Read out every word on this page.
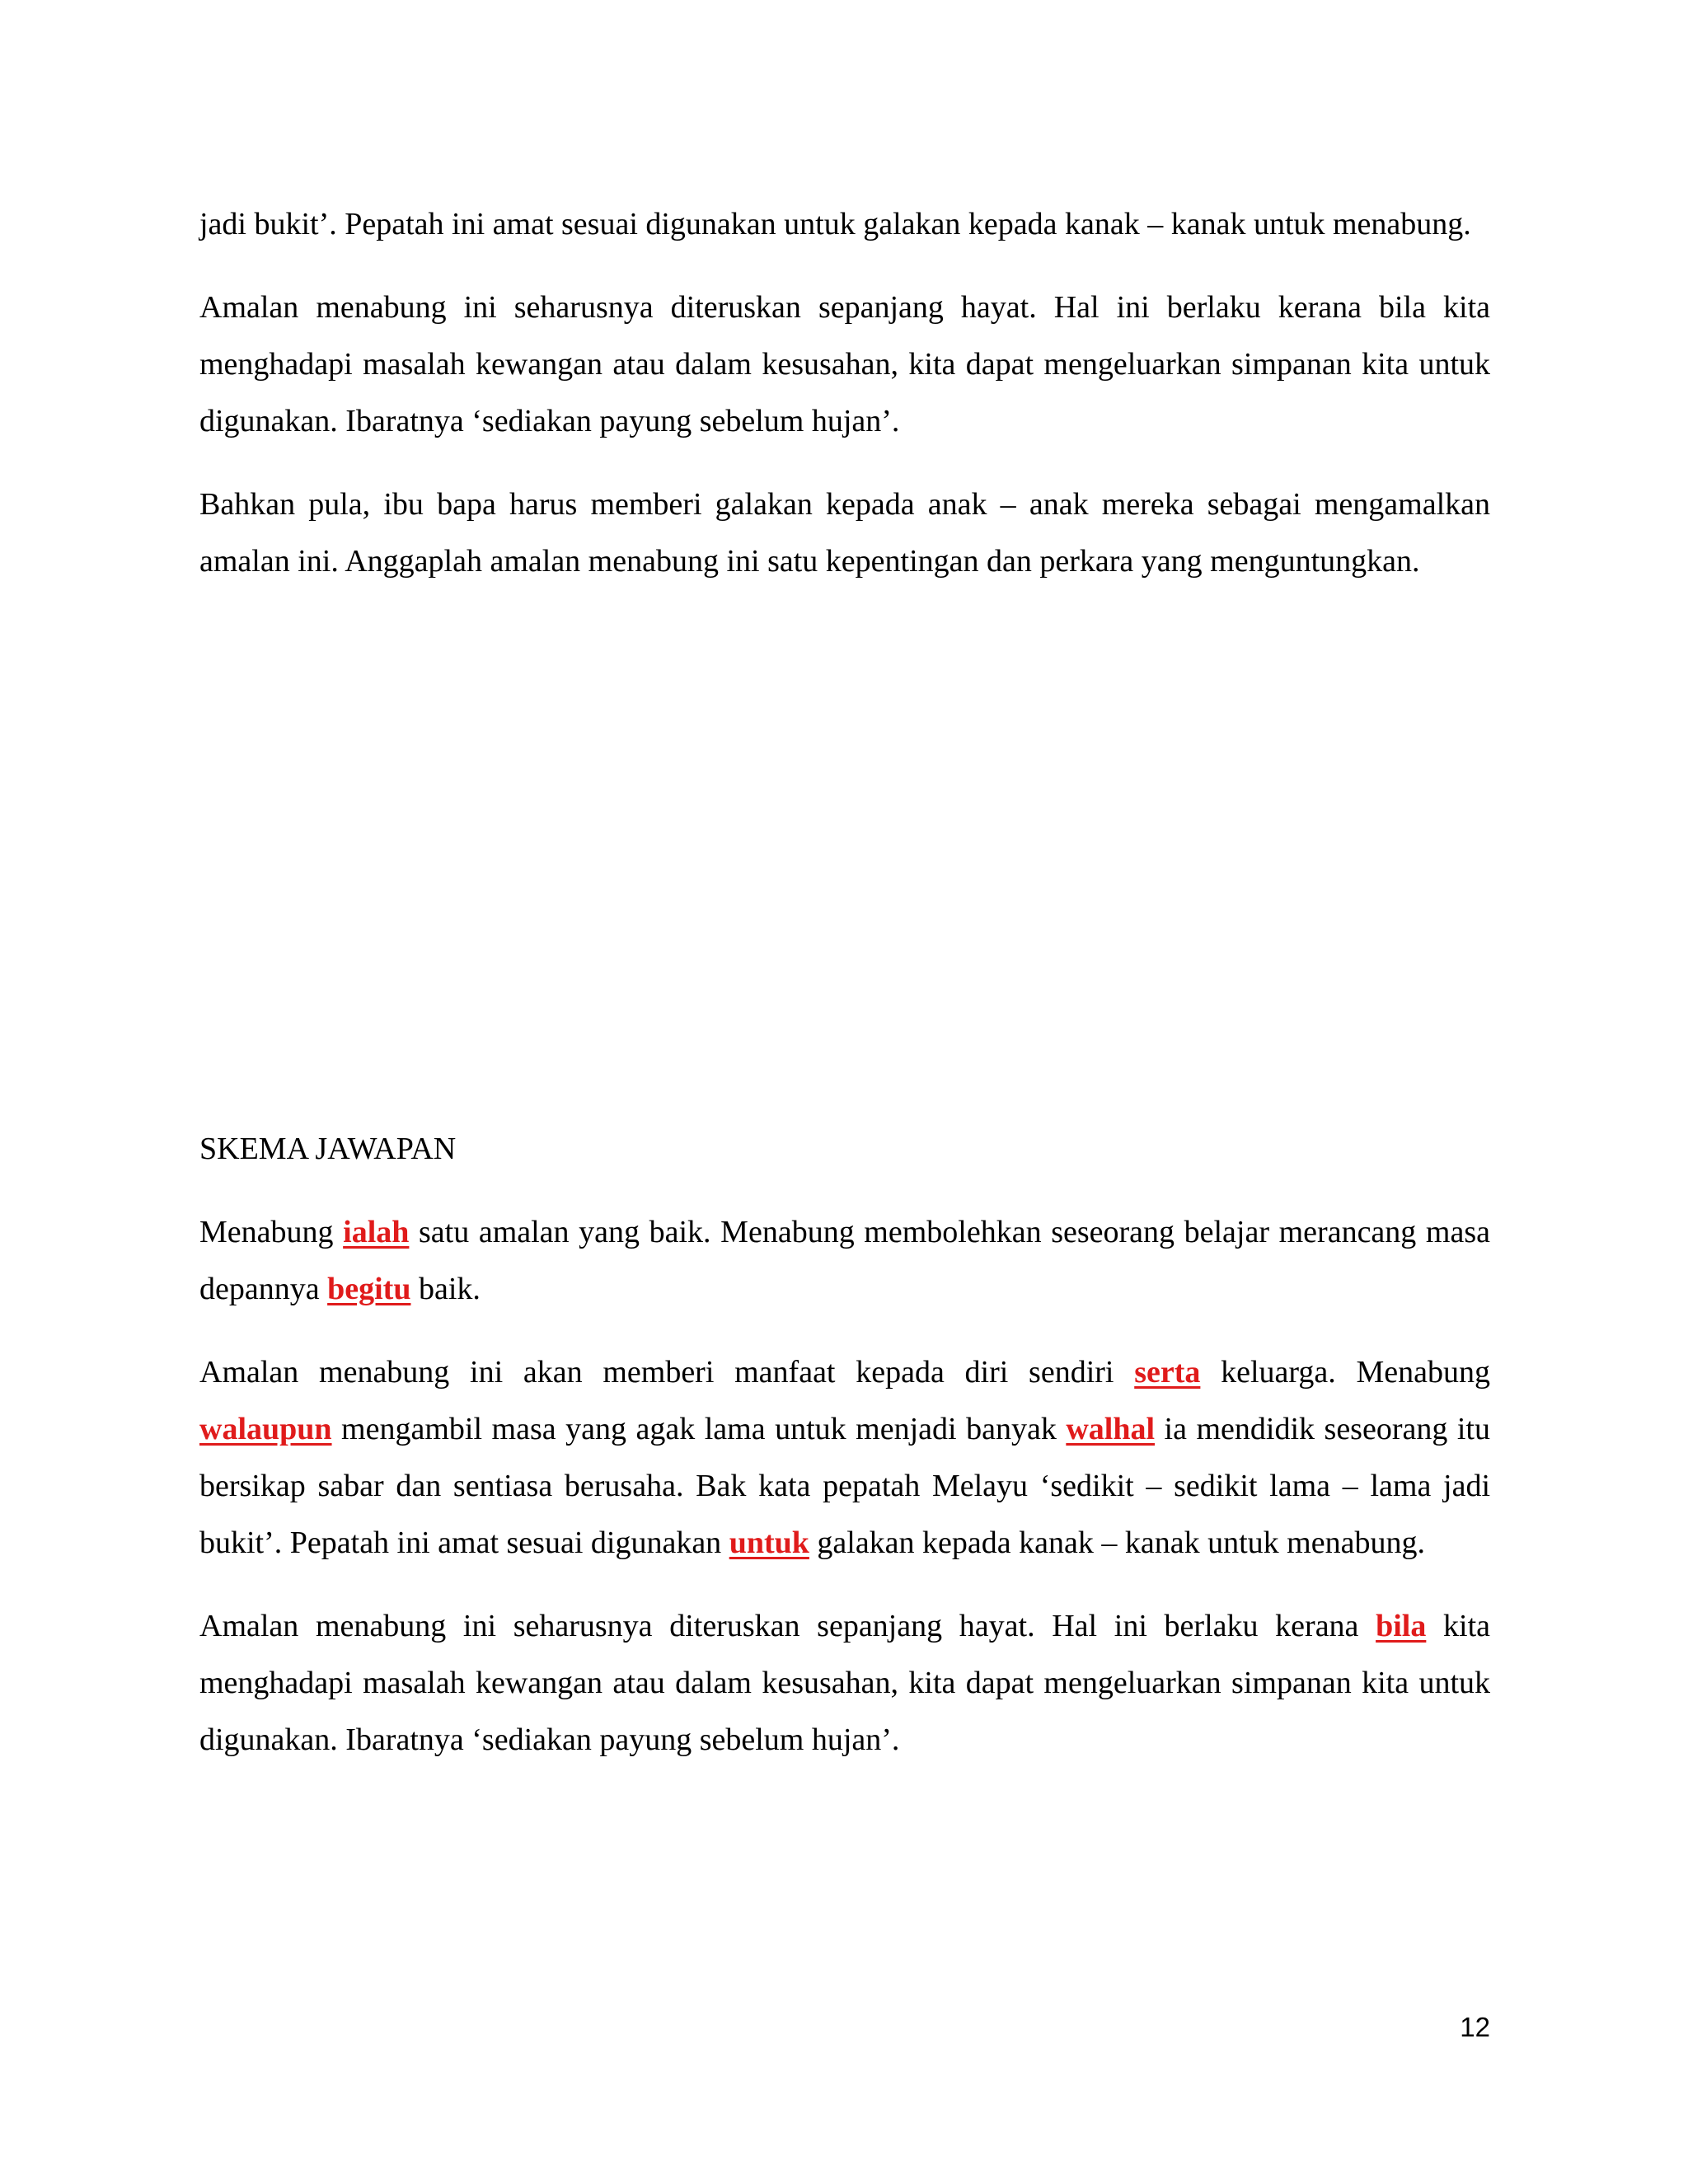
jadi bukit’. Pepatah ini amat sesuai digunakan untuk galakan kepada kanak – kanak untuk menabung.

Amalan menabung ini seharusnya diteruskan sepanjang hayat. Hal ini berlaku kerana bila kita menghadapi masalah kewangan atau dalam kesusahan, kita dapat mengeluarkan simpanan kita untuk digunakan. Ibaratnya ‘sediakan payung sebelum hujan’.

Bahkan pula, ibu bapa harus memberi galakan kepada anak – anak mereka sebagai mengamalkan amalan ini. Anggaplah amalan menabung ini satu kepentingan dan perkara yang menguntungkan.

SKEMA JAWAPAN

Menabung ialah satu amalan yang baik. Menabung membolehkan seseorang belajar merancang masa depannya begitu baik.

Amalan menabung ini akan memberi manfaat kepada diri sendiri serta keluarga. Menabung walaupun mengambil masa yang agak lama untuk menjadi banyak walhal ia mendidik seseorang itu bersikap sabar dan sentiasa berusaha. Bak kata pepatah Melayu ‘sedikit – sedikit lama – lama jadi bukit’. Pepatah ini amat sesuai digunakan untuk galakan kepada kanak – kanak untuk menabung.

Amalan menabung ini seharusnya diteruskan sepanjang hayat. Hal ini berlaku kerana bila kita menghadapi masalah kewangan atau dalam kesusahan, kita dapat mengeluarkan simpanan kita untuk digunakan. Ibaratnya ‘sediakan payung sebelum hujan’.

12
